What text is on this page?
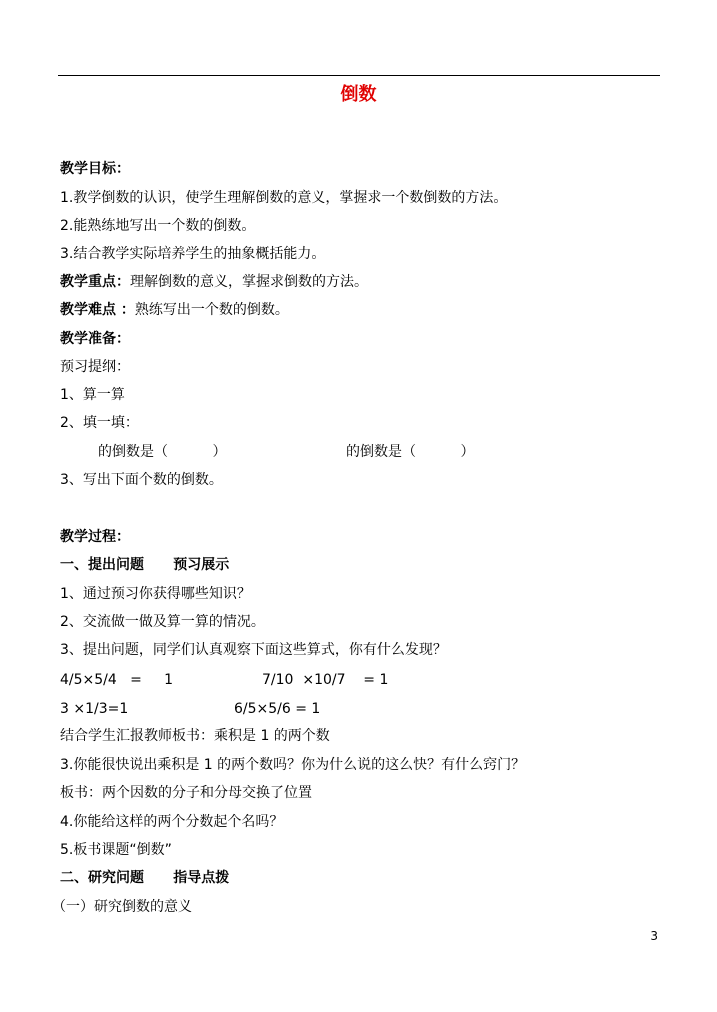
倒数
教学目标：
1.教学倒数的认识，使学生理解倒数的意义，掌握求一个数倒数的方法。
2.能熟练地写出一个数的倒数。
3.结合教学实际培养学生的抽象概括能力。
教学重点：理解倒数的意义，掌握求倒数的方法。
教学难点 ：熟练写出一个数的倒数。
教学准备：
预习提纲：
1、算一算
2、填一填：
的倒数是（          ）	的倒数是（          ）
3、写出下面个数的倒数。
教学过程：
一、提出问题      预习展示
1、通过预习你获得哪些知识？
2、交流做一做及算一算的情况。
3、提出问题，同学们认真观察下面这些算式，你有什么发现？
4/5×5/4   =     1	7/10  ×10/7    = 1
3 ×1/3=1	6/5×5/6 = 1
结合学生汇报教师板书：乘积是 1 的两个数
3.你能很快说出乘积是 1 的两个数吗？你为什么说的这么快？有什么窍门？
板书：两个因数的分子和分母交换了位置
4.你能给这样的两个分数起个名吗？
5.板书课题“倒数”
二、研究问题      指导点拨
（一）研究倒数的意义
3
